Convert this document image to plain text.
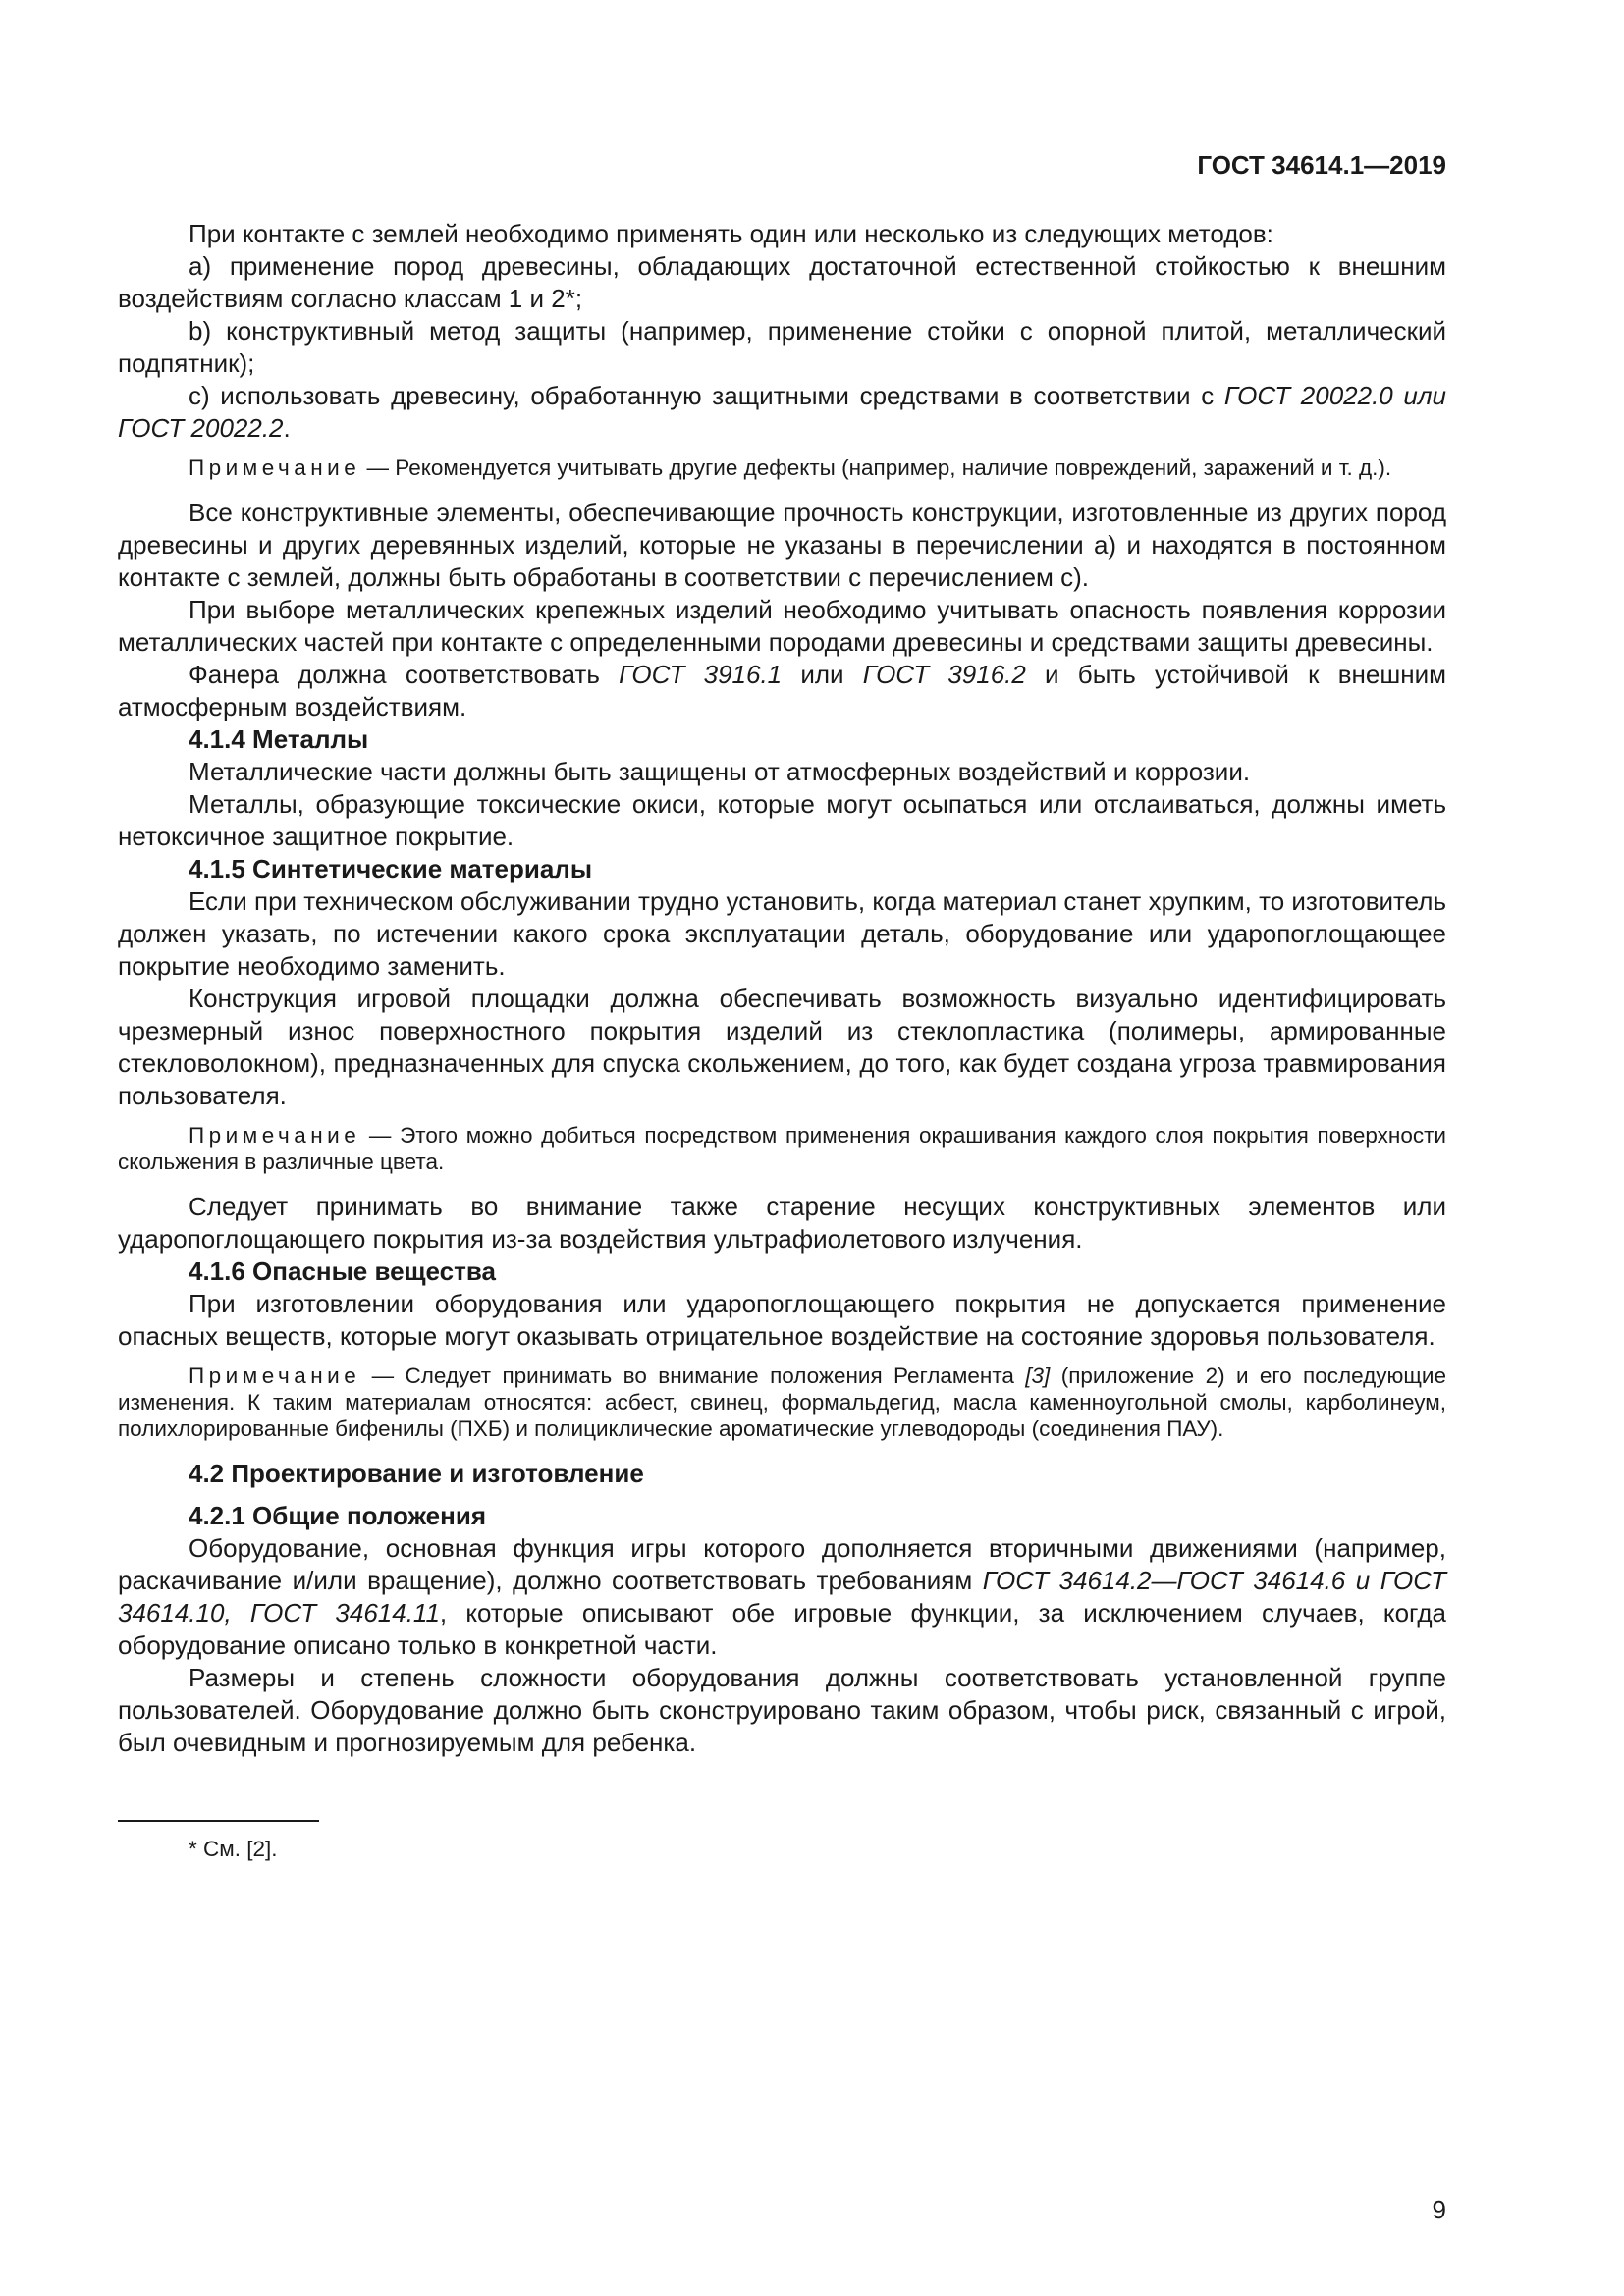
ГОСТ 34614.1—2019

При контакте с землей необходимо применять один или несколько из следующих методов:

а) применение пород древесины, обладающих достаточной естественной стойкостью к внешним воздействиям согласно классам 1 и 2*;

b) конструктивный метод защиты (например, применение стойки с опорной плитой, металлический подпятник);

с) использовать древесину, обработанную защитными средствами в соответствии с ГОСТ 20022.0 или ГОСТ 20022.2.

Примечание — Рекомендуется учитывать другие дефекты (например, наличие повреждений, заражений и т. д.).

Все конструктивные элементы, обеспечивающие прочность конструкции, изготовленные из других пород древесины и других деревянных изделий, которые не указаны в перечислении а) и находятся в постоянном контакте с землей, должны быть обработаны в соответствии с перечислением с).

При выборе металлических крепежных изделий необходимо учитывать опасность появления коррозии металлических частей при контакте с определенными породами древесины и средствами защиты древесины.

Фанера должна соответствовать ГОСТ 3916.1 или ГОСТ 3916.2 и быть устойчивой к внешним атмосферным воздействиям.

4.1.4 Металлы

Металлические части должны быть защищены от атмосферных воздействий и коррозии.

Металлы, образующие токсические окиси, которые могут осыпаться или отслаиваться, должны иметь нетоксичное защитное покрытие.

4.1.5 Синтетические материалы

Если при техническом обслуживании трудно установить, когда материал станет хрупким, то изготовитель должен указать, по истечении какого срока эксплуатации деталь, оборудование или ударопоглощающее покрытие необходимо заменить.

Конструкция игровой площадки должна обеспечивать возможность визуально идентифицировать чрезмерный износ поверхностного покрытия изделий из стеклопластика (полимеры, армированные стекловолокном), предназначенных для спуска скольжением, до того, как будет создана угроза травмирования пользователя.

Примечание — Этого можно добиться посредством применения окрашивания каждого слоя покрытия поверхности скольжения в различные цвета.

Следует принимать во внимание также старение несущих конструктивных элементов или ударопоглощающего покрытия из-за воздействия ультрафиолетового излучения.

4.1.6 Опасные вещества

При изготовлении оборудования или ударопоглощающего покрытия не допускается применение опасных веществ, которые могут оказывать отрицательное воздействие на состояние здоровья пользователя.

Примечание — Следует принимать во внимание положения Регламента [3] (приложение 2) и его последующие изменения. К таким материалам относятся: асбест, свинец, формальдегид, масла каменноугольной смолы, карболинеум, полихлорированные бифенилы (ПХБ) и полициклические ароматические углеводороды (соединения ПАУ).

4.2 Проектирование и изготовление

4.2.1 Общие положения

Оборудование, основная функция игры которого дополняется вторичными движениями (например, раскачивание и/или вращение), должно соответствовать требованиям ГОСТ 34614.2—ГОСТ 34614.6 и ГОСТ 34614.10, ГОСТ 34614.11, которые описывают обе игровые функции, за исключением случаев, когда оборудование описано только в конкретной части.

Размеры и степень сложности оборудования должны соответствовать установленной группе пользователей. Оборудование должно быть сконструировано таким образом, чтобы риск, связанный с игрой, был очевидным и прогнозируемым для ребенка.

* См. [2].

9
